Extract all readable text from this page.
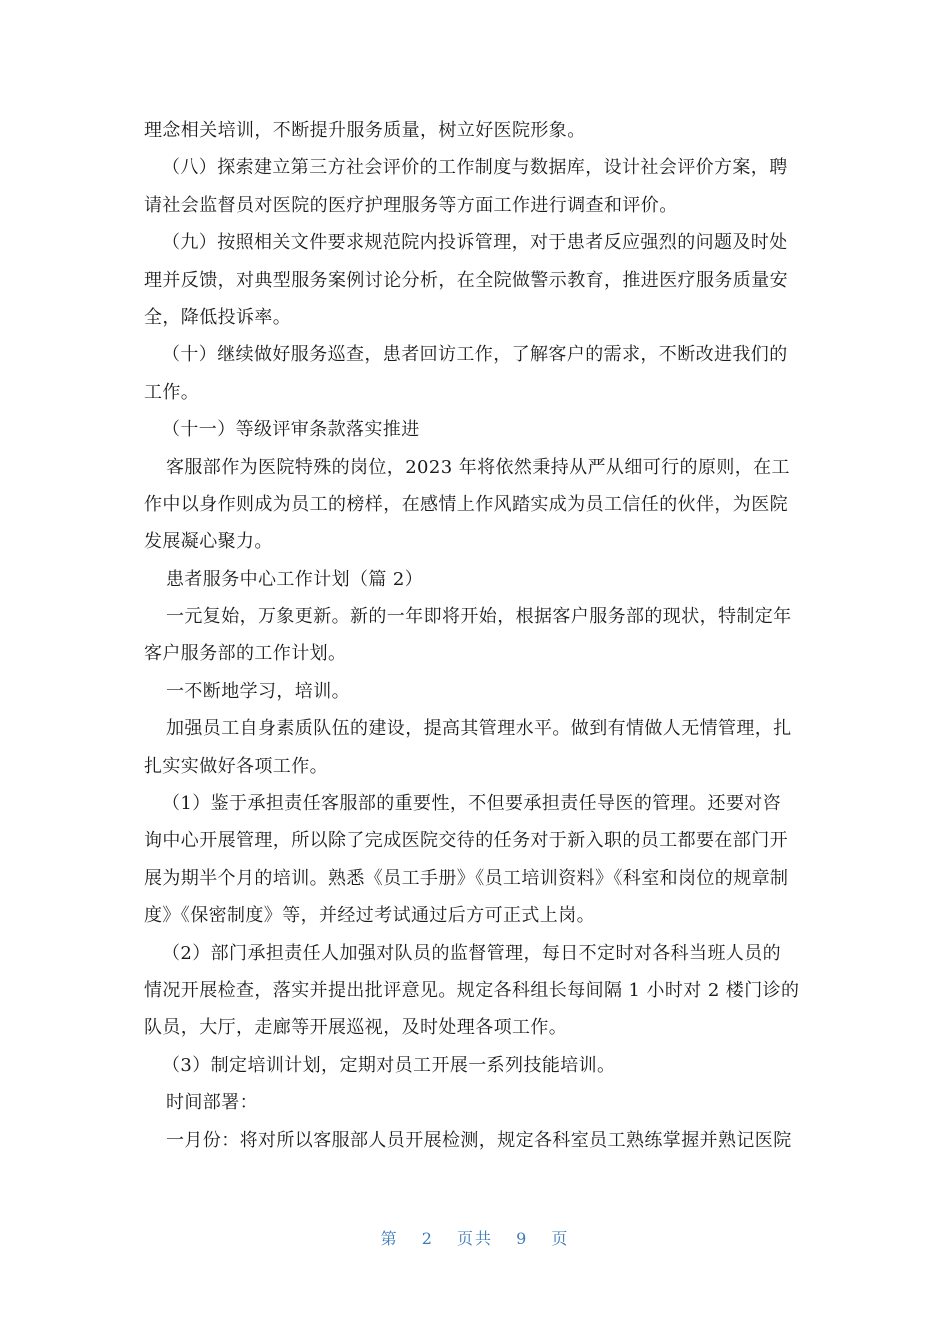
理念相关培训，不断提升服务质量，树立好医院形象。
（八）探索建立第三方社会评价的工作制度与数据库，设计社会评价方案，聘
请社会监督员对医院的医疗护理服务等方面工作进行调查和评价。
（九）按照相关文件要求规范院内投诉管理，对于患者反应强烈的问题及时处
理并反馈，对典型服务案例讨论分析，在全院做警示教育，推进医疗服务质量安
全，降低投诉率。
（十）继续做好服务巡查，患者回访工作，了解客户的需求，不断改进我们的
工作。
（十一）等级评审条款落实推进
客服部作为医院特殊的岗位，2023 年将依然秉持从严从细可行的原则，在工
作中以身作则成为员工的榜样，在感情上作风踏实成为员工信任的伙伴，为医院
发展凝心聚力。
患者服务中心工作计划（篇 2）
一元复始，万象更新。新的一年即将开始，根据客户服务部的现状，特制定年
客户服务部的工作计划。
一不断地学习，培训。
加强员工自身素质队伍的建设，提高其管理水平。做到有情做人无情管理，扎
扎实实做好各项工作。
（1）鉴于承担责任客服部的重要性，不但要承担责任导医的管理。还要对咨
询中心开展管理，所以除了完成医院交待的任务对于新入职的员工都要在部门开
展为期半个月的培训。熟悉《员工手册》《员工培训资料》《科室和岗位的规章制
度》《保密制度》等，并经过考试通过后方可正式上岗。
（2）部门承担责任人加强对队员的监督管理，每日不定时对各科当班人员的
情况开展检查，落实并提出批评意见。规定各科组长每间隔 1 小时对 2 楼门诊的
队员，大厅，走廊等开展巡视，及时处理各项工作。
（3）制定培训计划，定期对员工开展一系列技能培训。
时间部署：
一月份：将对所以客服部人员开展检测，规定各科室员工熟练掌握并熟记医院
第 2 页共 9 页
